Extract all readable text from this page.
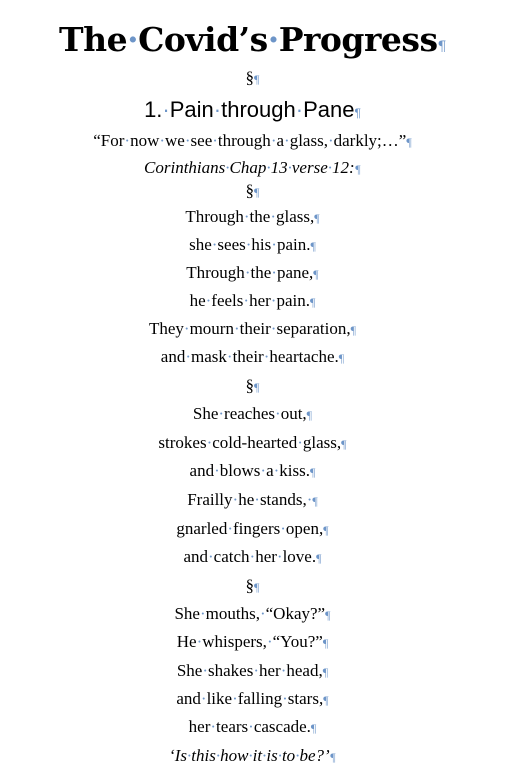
The·Covid’s·Progress¶
§¶
1.·Pain·through·Pane¶
“For·now·we·see·through·a·glass,·darkly;…”¶
Corinthians·Chap·13·verse·12:¶
§¶
Through·the·glass,¶
she·sees·his·pain.¶
Through·the·pane,¶
he·feels·her·pain.¶
They·mourn·their·separation,¶
and·mask·their·heartache.¶
§¶
She·reaches·out,¶
strokes·cold-hearted·glass,¶
and·blows·a·kiss.¶
Frailly·he·stands,·¶
gnarled·fingers·open,¶
and·catch·her·love.¶
§¶
She·mouths,·“Okay?”¶
He·whispers,·“You?”¶
She·shakes·her·head,¶
and·like·falling·stars,¶
her·tears·cascade.¶
‘Is·this·how·it·is·to·be?’¶
